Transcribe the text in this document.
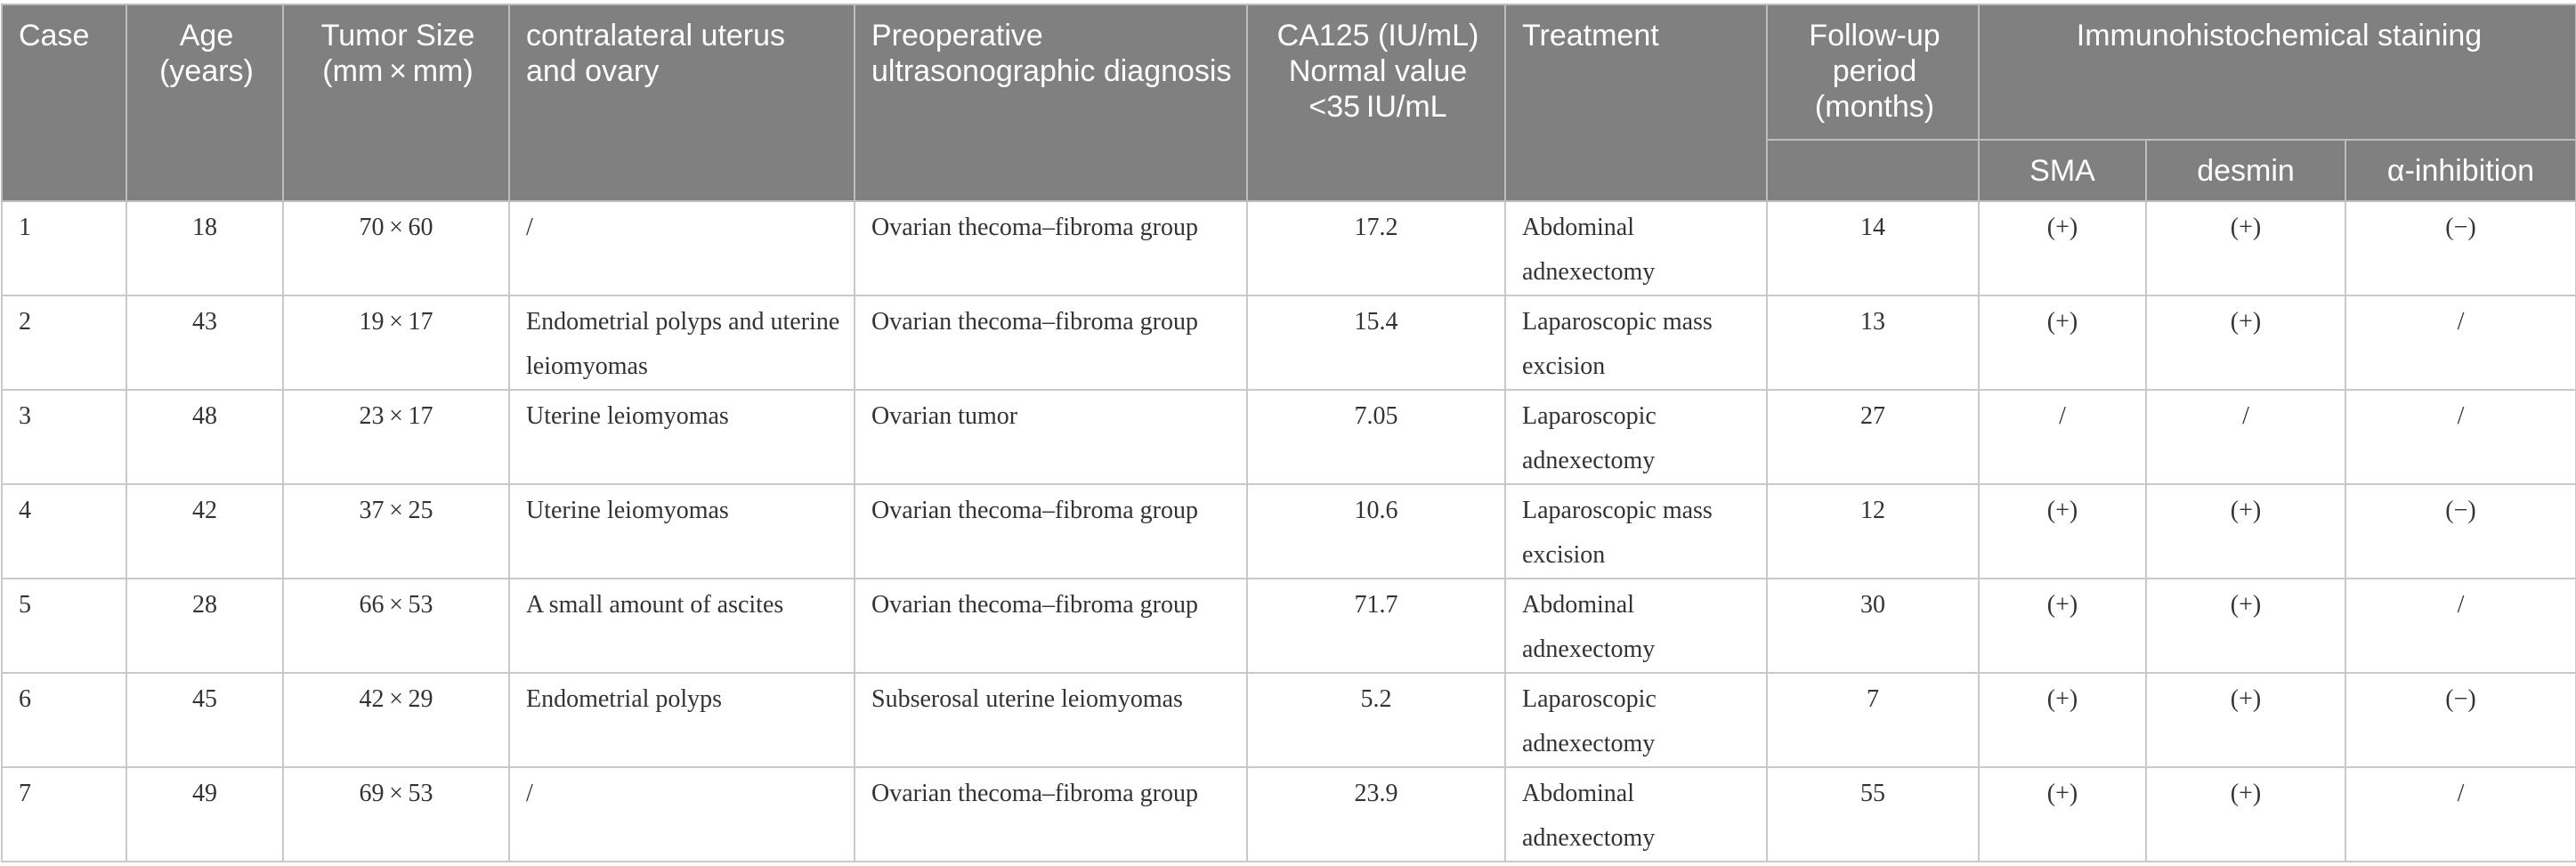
Case	Age (years)	Tumor Size (mm × mm)	contralateral uterus and ovary	Preoperative ultrasonographic diagnosis	CA125 (IU/mL) Normal value <35 IU/mL	Treatment	Follow-up period (months)	Immunohistochemical staining		
								SMA	desmin	α-inhibition
1	18	70 × 60	/	Ovarian thecoma–fibroma group	17.2	Abdominal adnexectomy	14	(+)	(+)	(−)
2	43	19 × 17	Endometrial polyps and uterine leiomyomas	Ovarian thecoma–fibroma group	15.4	Laparoscopic mass excision	13	(+)	(+)	/
3	48	23 × 17	Uterine leiomyomas	Ovarian tumor	7.05	Laparoscopic adnexectomy	27	/	/	/
4	42	37 × 25	Uterine leiomyomas	Ovarian thecoma–fibroma group	10.6	Laparoscopic mass excision	12	(+)	(+)	(−)
5	28	66 × 53	A small amount of ascites	Ovarian thecoma–fibroma group	71.7	Abdominal adnexectomy	30	(+)	(+)	/
6	45	42 × 29	Endometrial polyps	Subserosal uterine leiomyomas	5.2	Laparoscopic adnexectomy	7	(+)	(+)	(−)
7	49	69 × 53	/	Ovarian thecoma–fibroma group	23.9	Abdominal adnexectomy	55	(+)	(+)	/
